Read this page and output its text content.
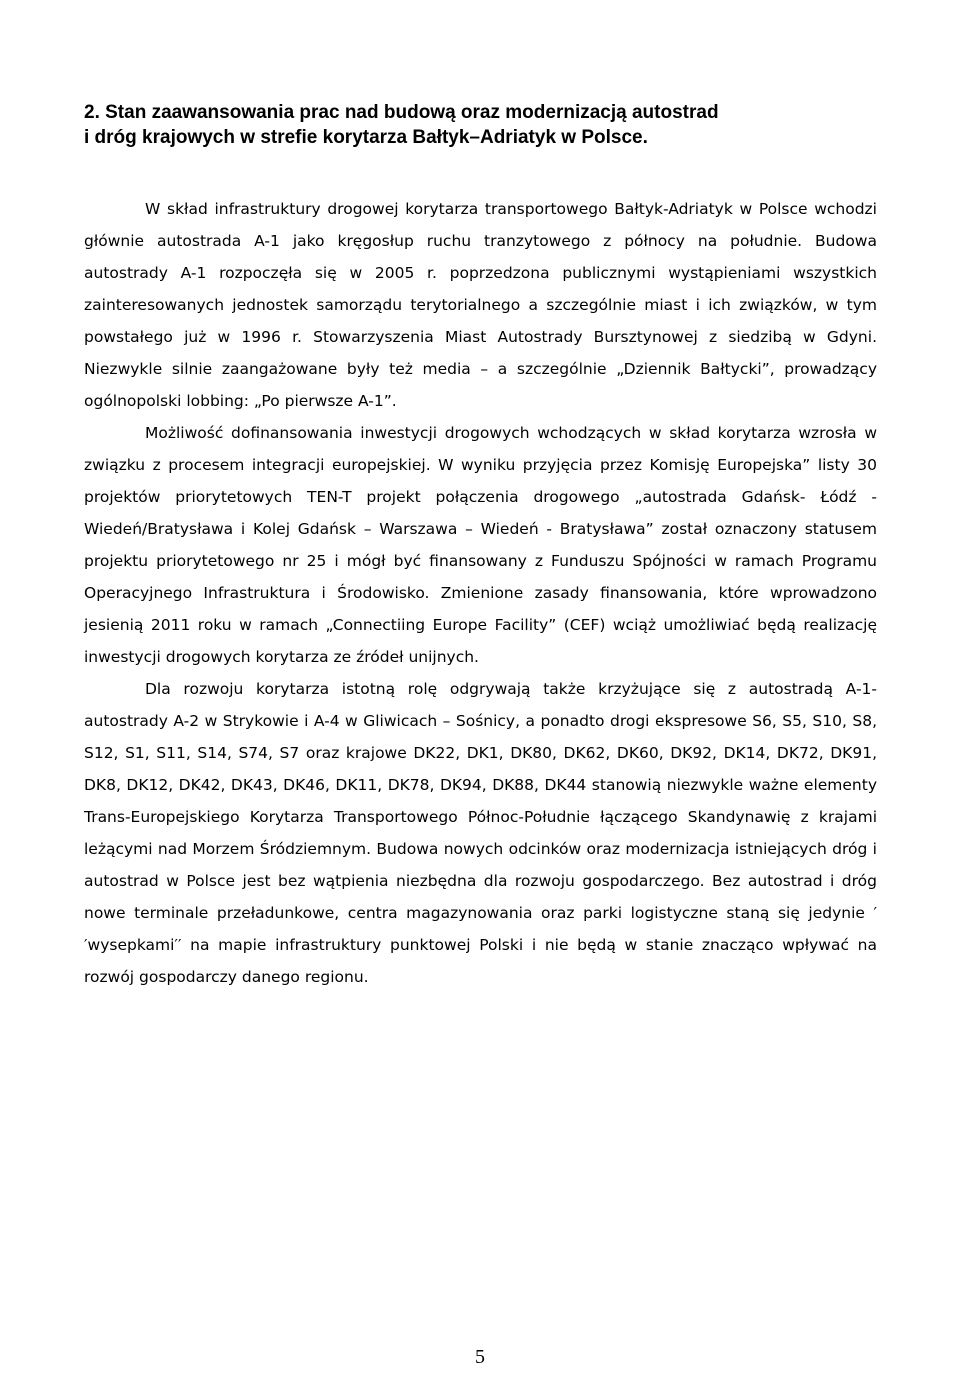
2. Stan zaawansowania prac nad budową oraz modernizacją autostrad
i dróg krajowych w strefie korytarza Bałtyk–Adriatyk w Polsce.

W skład infrastruktury drogowej korytarza transportowego Bałtyk-Adriatyk w Polsce wchodzi głównie autostrada A-1 jako kręgosłup ruchu tranzytowego z północy na południe. Budowa autostrady A-1 rozpoczęła się w 2005 r. poprzedzona publicznymi wystąpieniami wszystkich zainteresowanych jednostek samorządu terytorialnego a szczególnie miast i ich związków, w tym powstałego już w 1996 r. Stowarzyszenia Miast Autostrady Bursztynowej z siedzibą w Gdyni. Niezwykle silnie zaangażowane były też media – a szczególnie „Dziennik Bałtycki”, prowadzący ogólnopolski lobbing: „Po pierwsze A-1”.

Możliwość dofinansowania inwestycji drogowych wchodzących w skład korytarza wzrosła w związku z procesem integracji europejskiej. W wyniku przyjęcia przez Komisję Europejska” listy 30 projektów priorytetowych TEN-T projekt połączenia drogowego „autostrada Gdańsk- Łódź - Wiedeń/Bratysława i Kolej Gdańsk – Warszawa – Wiedeń - Bratysława” został oznaczony statusem projektu priorytetowego nr 25 i mógł być finansowany z Funduszu Spójności w ramach Programu Operacyjnego Infrastruktura i Środowisko. Zmienione zasady finansowania, które wprowadzono jesienią 2011 roku w ramach „Connectiing Europe Facility” (CEF) wciąż umożliwiać będą realizację inwestycji drogowych korytarza ze źródeł unijnych.

Dla rozwoju korytarza istotną rolę odgrywają także krzyżujące się z autostradą A-1- autostrady A-2 w Strykowie i A-4 w Gliwicach – Sośnicy, a ponadto drogi ekspresowe S6, S5, S10, S8, S12, S1, S11, S14, S74, S7 oraz krajowe DK22, DK1, DK80, DK62, DK60, DK92, DK14, DK72, DK91, DK8, DK12, DK42, DK43, DK46, DK11, DK78, DK94, DK88, DK44 stanowią niezwykle ważne elementy Trans-Europejskiego Korytarza Transportowego Północ-Południe łączącego Skandynawię z krajami leżącymi nad Morzem Śródziemnym. Budowa nowych odcinków oraz modernizacja istniejących dróg i autostrad w Polsce jest bez wątpienia niezbędna dla rozwoju gospodarczego. Bez autostrad i dróg nowe terminale przeładunkowe, centra magazynowania oraz parki logistyczne staną się jedynie ′′wysepkami′′ na mapie infrastruktury punktowej Polski i nie będą w stanie znacząco wpływać na rozwój gospodarczy danego regionu.

5
